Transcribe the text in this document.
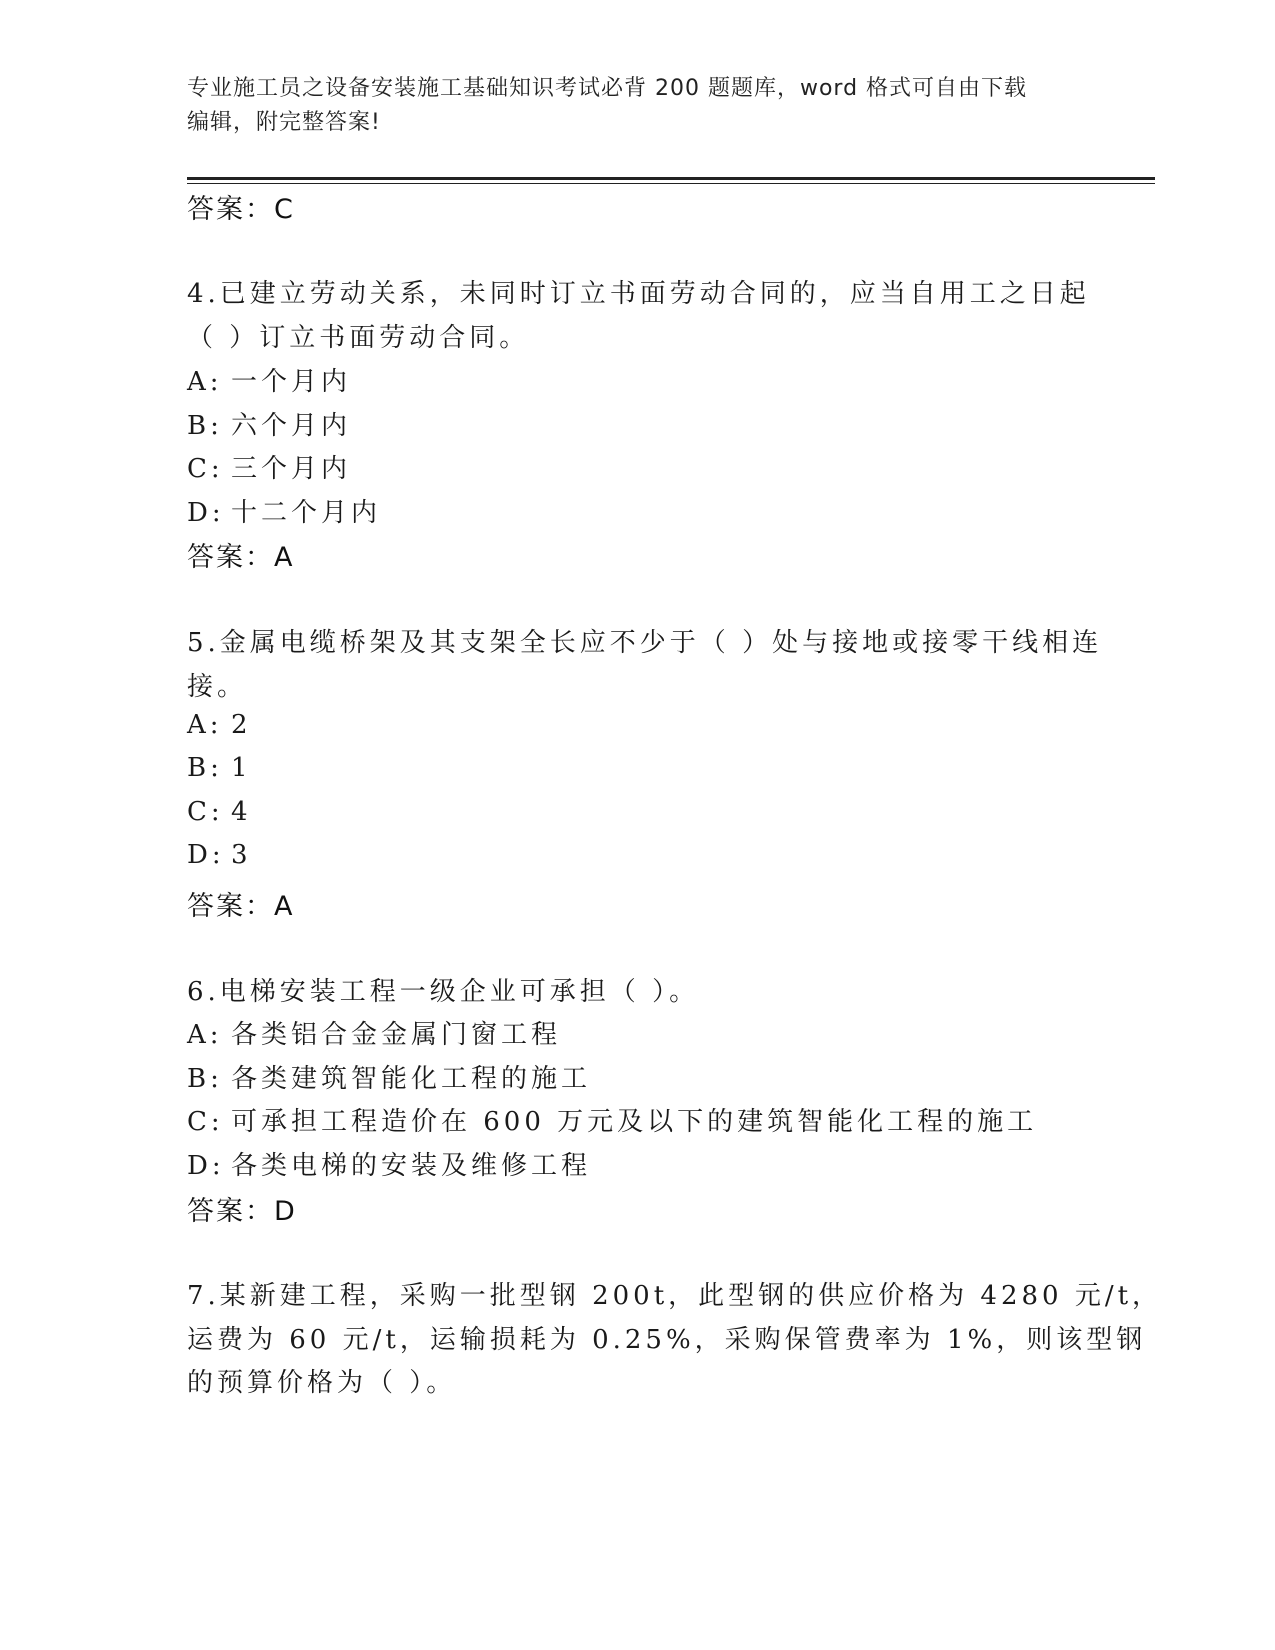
专业施工员之设备安装施工基础知识考试必背 200 题题库，word 格式可自由下载
编辑，附完整答案!
答案：C
4.已建立劳动关系，未同时订立书面劳动合同的，应当自用工之日起
（ ）订立书面劳动合同。
A: 一个月内
B: 六个月内
C: 三个月内
D: 十二个月内
答案：A
5.金属电缆桥架及其支架全长应不少于（ ）处与接地或接零干线相连
接。
A: 2
B: 1
C: 4
D: 3
答案：A
6.电梯安装工程一级企业可承担（ ）。
A: 各类铝合金金属门窗工程
B: 各类建筑智能化工程的施工
C: 可承担工程造价在 600 万元及以下的建筑智能化工程的施工
D: 各类电梯的安装及维修工程
答案：D
7.某新建工程，采购一批型钢 200t，此型钢的供应价格为 4280 元/t，
运费为 60 元/t，运输损耗为 0.25%，采购保管费率为 1%，则该型钢
的预算价格为（ ）。
